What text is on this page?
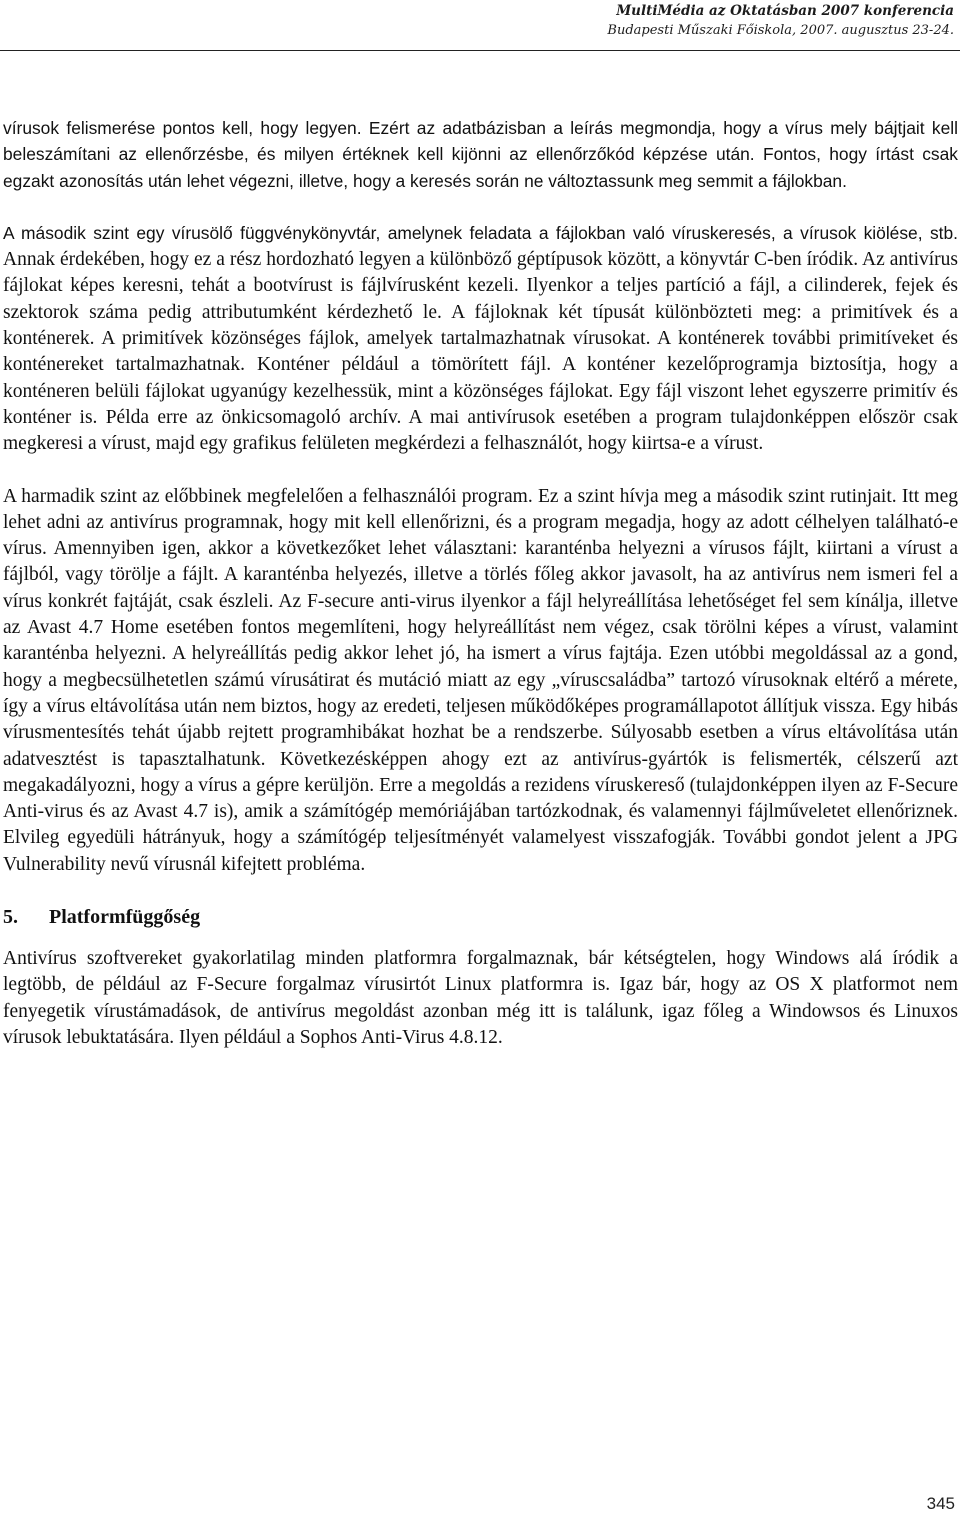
MultiMédia az Oktatásban 2007 konferencia
Budapesti Műszaki Főiskola, 2007. augusztus 23-24.

vírusok felismerése pontos kell, hogy legyen. Ezért az adatbázisban a leírás megmondja, hogy a vírus mely bájtjait kell beleszámítani az ellenőrzésbe, és milyen értéknek kell kijönni az ellenőrzőkód képzése után. Fontos, hogy írtást csak egzakt azonosítás után lehet végezni, illetve, hogy a keresés során ne változtassunk meg semmit a fájlokban.

A második szint egy vírusölő függvénykönyvtár, amelynek feladata a fájlokban való víruskeresés, a vírusok kiölése, stb. Annak érdekében, hogy ez a rész hordozható legyen a különböző géptípusok között, a könyvtár C-ben íródik. Az antivírus fájlokat képes keresni, tehát a bootvírust is fájlvírusként kezeli. Ilyenkor a teljes partíció a fájl, a cilinderek, fejek és szektorok száma pedig attributumként kérdezhető le. A fájloknak két típusát különbözteti meg: a primitívek és a konténerek. A primitívek közönséges fájlok, amelyek tartalmazhatnak vírusokat. A konténerek további primitíveket és konténereket tartalmazhatnak. Konténer például a tömörített fájl. A konténer kezelőprogramja biztosítja, hogy a konténeren belüli fájlokat ugyanúgy kezelhessük, mint a közönséges fájlokat. Egy fájl viszont lehet egyszerre primitív és konténer is. Példa erre az önkicsomagoló archív. A mai antivírusok esetében a program tulajdonképpen először csak megkeresi a vírust, majd egy grafikus felületen megkérdezi a felhasználót, hogy kiirtsa-e a vírust.

A harmadik szint az előbbinek megfelelően a felhasználói program. Ez a szint hívja meg a második szint rutinjait. Itt meg lehet adni az antivírus programnak, hogy mit kell ellenőrizni, és a program megadja, hogy az adott célhelyen található-e vírus. Amennyiben igen, akkor a következőket lehet választani: karanténba helyezni a vírusos fájlt, kiirtani a vírust a fájlból, vagy törölje a fájlt. A karanténba helyezés, illetve a törlés főleg akkor javasolt, ha az antivírus nem ismeri fel a vírus konkrét fajtáját, csak észleli. Az F-secure anti-virus ilyenkor a fájl helyreállítása lehetőséget fel sem kínálja, illetve az Avast 4.7 Home esetében fontos megemlíteni, hogy helyreállítást nem végez, csak törölni képes a vírust, valamint karanténba helyezni. A helyreállítás pedig akkor lehet jó, ha ismert a vírus fajtája. Ezen utóbbi megoldással az a gond, hogy a megbecsülhetetlen számú vírusátirat és mutáció miatt az egy „víruscsaládba” tartozó vírusoknak eltérő a mérete, így a vírus eltávolítása után nem biztos, hogy az eredeti, teljesen működőképes programállapotot állítjuk vissza. Egy hibás vírusmentesítés tehát újabb rejtett programhibákat hozhat be a rendszerbe. Súlyosabb esetben a vírus eltávolítása után adatvesztést is tapasztalhatunk. Következésképpen ahogy ezt az antivírus-gyártók is felismerték, célszerű azt megakadályozni, hogy a vírus a gépre kerüljön. Erre a megoldás a rezidens víruskereső (tulajdonképpen ilyen az F-Secure Anti-virus és az Avast 4.7 is), amik a számítógép memóriájában tartózkodnak, és valamennyi fájlműveletet ellenőriznek. Elvileg egyedüli hátrányuk, hogy a számítógép teljesítményét valamelyest visszafogják. További gondot jelent a JPG Vulnerability nevű vírusnál kifejtett probléma.

5. Platformfüggőség

Antivírus szoftvereket gyakorlatilag minden platformra forgalmaznak, bár kétségtelen, hogy Windows alá íródik a legtöbb, de például az F-Secure forgalmaz vírusirtót Linux platformra is. Igaz bár, hogy az OS X platformot nem fenyegetik vírustámadások, de antivírus megoldást azonban még itt is találunk, igaz főleg a Windowsos és Linuxos vírusok lebuktatására. Ilyen például a Sophos Anti-Virus 4.8.12.

345
